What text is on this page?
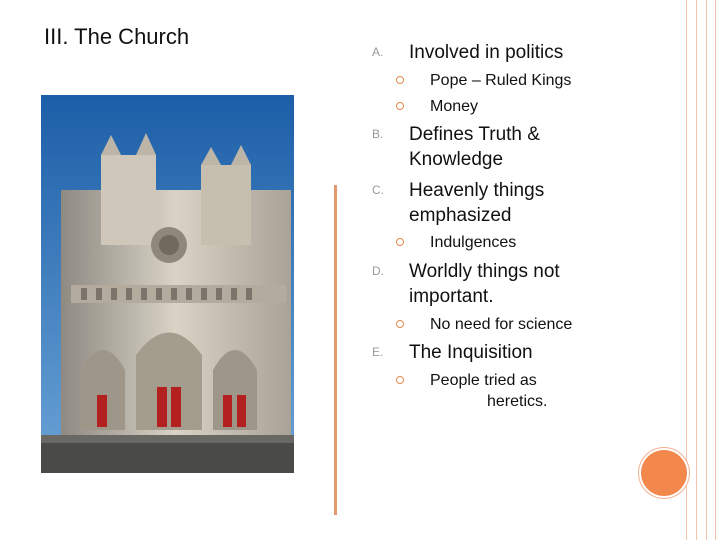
III. The Church
A. Involved in politics
Pope – Ruled Kings
Money
B. Defines Truth &
Knowledge
C. Heavenly things
emphasized
Indulgences
D. Worldly things not
important.
No need for science
E. The Inquisition
People tried as
heretics.
